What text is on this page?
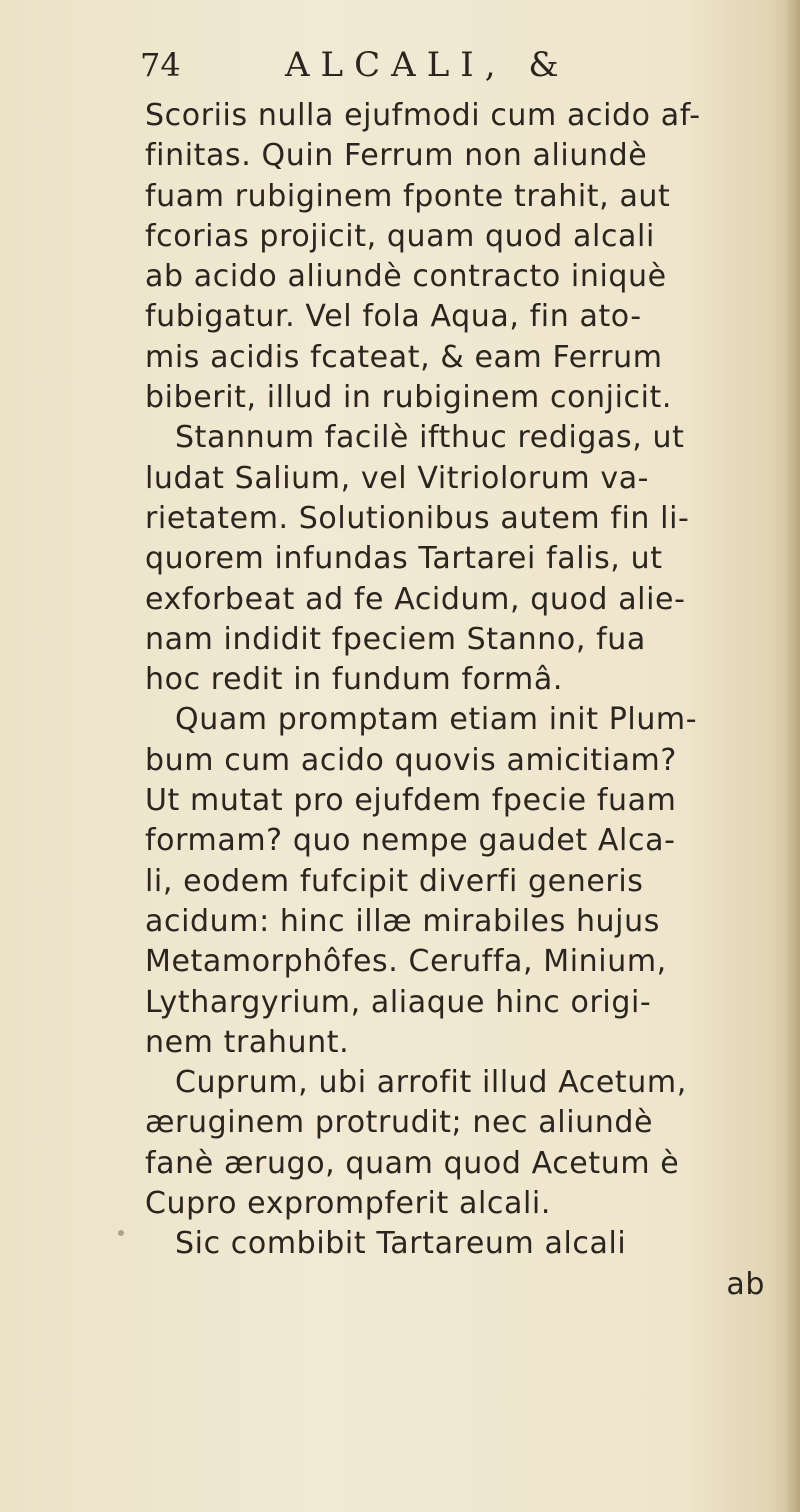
74	ALCALI, &
Scoriis nulla ejufmodi cum acido af-
finitas. Quin Ferrum non aliundè
fuam rubiginem fponte trahit, aut
fcorias projicit, quam quod alcali
ab acido aliundè contracto iniquè
fubigatur. Vel fola Aqua, fin ato-
mis acidis fcateat, & eam Ferrum
biberit, illud in rubiginem conjicit.
Stannum facilè ifthuc redigas, ut
ludat Salium, vel Vitriolorum va-
rietatem. Solutionibus autem fin li-
quorem infundas Tartarei falis, ut
exforbeat ad fe Acidum, quod alie-
nam indidit fpeciem Stanno, fua
hoc redit in fundum formâ.
Quam promptam etiam init Plum-
bum cum acido quovis amicitiam?
Ut mutat pro ejufdem fpecie fuam
formam? quo nempe gaudet Alca-
li, eodem fufcipit diverfi generis
acidum: hinc illæ mirabiles hujus
Metamorphôfes. Ceruffa, Minium,
Lythargyrium, aliaque hinc origi-
nem trahunt.
Cuprum, ubi arrofit illud Acetum,
æruginem protrudit; nec aliundè
fanè ærugo, quam quod Acetum è
Cupro exprompferit alcali.
Sic combibit Tartareum alcali
ab
